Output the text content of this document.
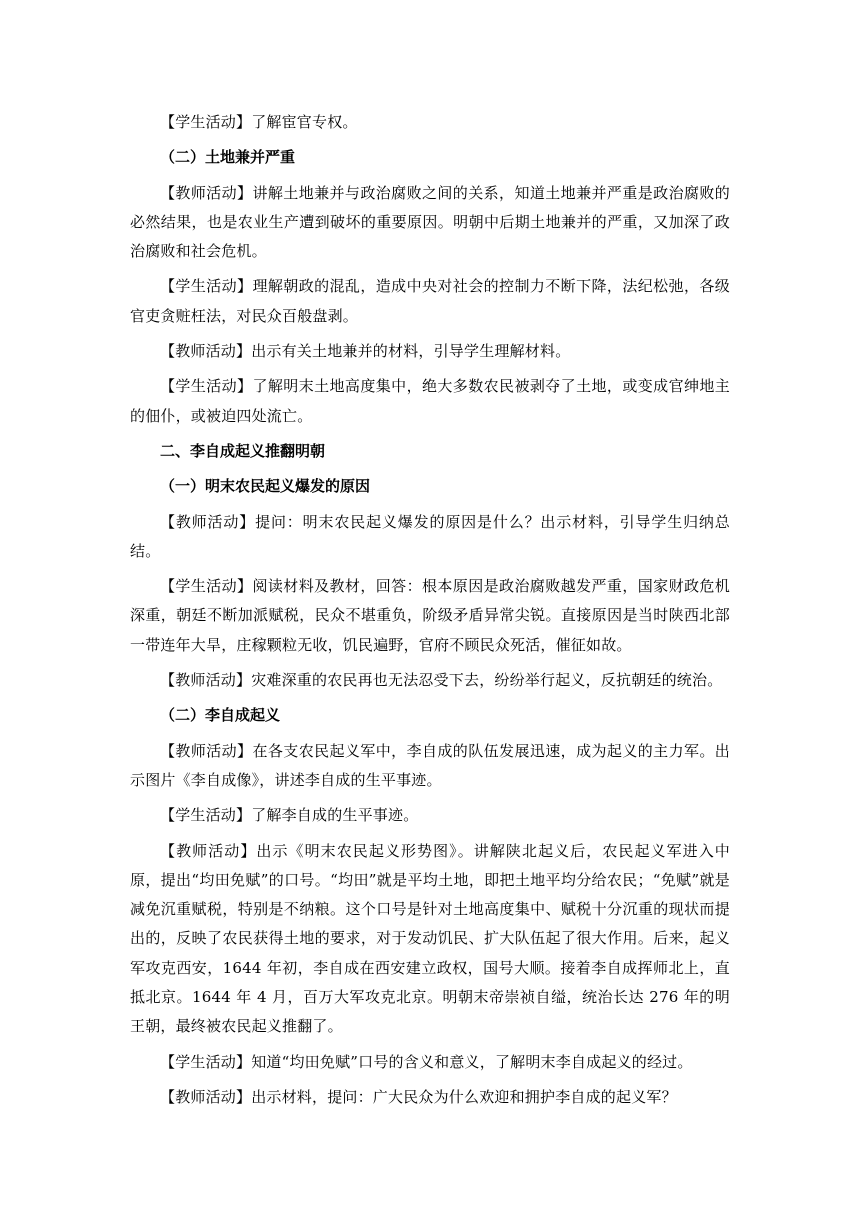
【学生活动】了解宦官专权。

（二）土地兼并严重

【教师活动】讲解土地兼并与政治腐败之间的关系，知道土地兼并严重是政治腐败的必然结果，也是农业生产遭到破坏的重要原因。明朝中后期土地兼并的严重，又加深了政治腐败和社会危机。

【学生活动】理解朝政的混乱，造成中央对社会的控制力不断下降，法纪松弛，各级官吏贪赃枉法，对民众百般盘剥。

【教师活动】出示有关土地兼并的材料，引导学生理解材料。

【学生活动】了解明末土地高度集中，绝大多数农民被剥夺了土地，或变成官绅地主的佃仆，或被迫四处流亡。

二、李自成起义推翻明朝

（一）明末农民起义爆发的原因

【教师活动】提问：明末农民起义爆发的原因是什么？出示材料，引导学生归纳总结。

【学生活动】阅读材料及教材，回答：根本原因是政治腐败越发严重，国家财政危机深重，朝廷不断加派赋税，民众不堪重负，阶级矛盾异常尖锐。直接原因是当时陕西北部一带连年大旱，庄稼颗粒无收，饥民遍野，官府不顾民众死活，催征如故。

【教师活动】灾难深重的农民再也无法忍受下去，纷纷举行起义，反抗朝廷的统治。

（二）李自成起义

【教师活动】在各支农民起义军中，李自成的队伍发展迅速，成为起义的主力军。出示图片《李自成像》，讲述李自成的生平事迹。

【学生活动】了解李自成的生平事迹。

【教师活动】出示《明末农民起义形势图》。讲解陕北起义后，农民起义军进入中原，提出“均田免赋”的口号。“均田”就是平均土地，即把土地平均分给农民；“免赋”就是减免沉重赋税，特别是不纳粮。这个口号是针对土地高度集中、赋税十分沉重的现状而提出的，反映了农民获得土地的要求，对于发动饥民、扩大队伍起了很大作用。后来，起义军攻克西安，1644 年初，李自成在西安建立政权，国号大顺。接着李自成挥师北上，直抵北京。1644 年 4 月，百万大军攻克北京。明朝末帝崇祯自缢，统治长达 276 年的明王朝，最终被农民起义推翻了。

【学生活动】知道“均田免赋”口号的含义和意义，了解明末李自成起义的经过。

【教师活动】出示材料，提问：广大民众为什么欢迎和拥护李自成的起义军？
